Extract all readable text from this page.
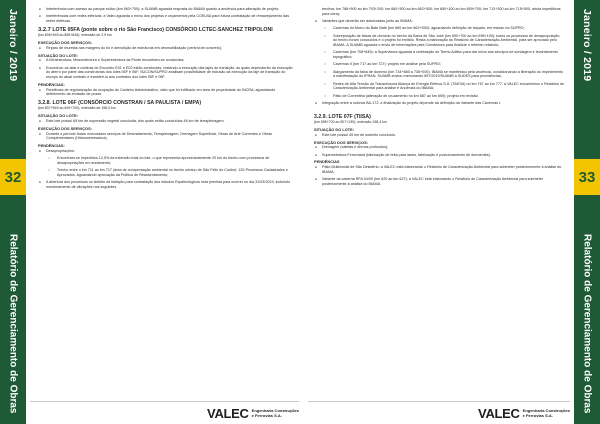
Janeiro / 2019
32
Relatório de Gerenciamento de Obras
Janeiro / 2019
33
Relatório de Gerenciamento de Obras
● Interferência com acesso ao parque eólico (km 963+700); a SUAMB aguarda resposta do IBAMA quanto à anuência para alteração de projeto;
● Interferências com redes elétricas: a Valec aguarda o envio dos projetos e orçamentos pela COELBA para futura contratação de remanejamento das redes elétricas.
3.2.7 LOTE 05FA (ponte sobre o rio São Francisco) CONSÓRCIO LCTEC-SANCHEZ TRIPOLONI
(km 806+545 ao 808+645); extensão de 2,9 km
EXECUÇÃO DOS SERVIÇOS:
● Reparo de muretas nas margens do rio e demolição de estruturas em desmobilização (central de concreto).
SITUAÇÃO DO LOTE:
● A Infraestrutura, Mesoestrutura e Superestrutura da Ponte encontram-se concluídas;
● Encontros: as alas e cortinas do Encontro E01 e E02 estão concluídas, restando a execução das lajes de transição, as quais dependerão da execução do aterro por parte das construtoras dos lotes 05F e 06F. SUCON/SUPRO analisam possibilidade de inclusão da execução da laje de transição do escopo do atual contrato e transferi-lo aos contratos dos lotes 05F e 06F.
PENDÊNCIAS:
● Pendência de regularização da ocupação do Canteiro Administrativo, visto que foi edificado em área de propriedade do INCRA: aguardando deferimento da emissão de posse.
3.2.8. LOTE 06F (CONSÓRCIO CONSTRAN / SA PAULISTA / EMPA)
(km 807+549 ao 649+700); extensão de 158,9 km
SITUAÇÃO DO LOTE:
● Este lote possui 65 km de supressão vegetal concluída, dos quais estão concluídos 46 km de terraplenagem.
EXECUÇÃO DOS SERVIÇOS:
● Durante o período foram executados serviços de Desmatamento, Terraplenagem, Drenagem Superficial, Obras de Arte Correntes e Obras Complementares (Hidrossemeadura).
PENDÊNCIAS:
● Desapropriações:
○ Encontram-se impedidos 12,5% da extensão total do lote, o que representa aproximadamente 20 km do trecho com processos de desapropriações em andamento;
○ Trecho entre o km 711 ao km 717 (área de compensação ambiental no trecho urbano de São Félix do Coribe): 152 Processos Cadastrados e Aprovados. Aguardando aprovação da Política de Reassentamento;
● A abertura dos processos no âmbito da licitação para contratação dos estudos Espeleológicos está prevista para ocorrer no dia 31/03/2019, incluindo monitoramento de vibrações nos seguintes
VALEC Engenharia Construções
e Ferrovias S.A.
trechos: km 786+900 ao km 793+200; km 660+300 ao km 662+500; km 650+100 ao km 659+700; km 713+300 ao km 715+500, ainda impeditivos para obra);
● Variantes que deverão ser autorizadas junto ao IBAMA:
○ Cavernas do Morro do Bate Bate (km 660 ao km 662+500): aguardando definição de traçado, em estudo na SUPRO;
○ Sobreposição de faixas de domínio no trecho da Barra de São José (km 690+700 ao km 698+100); todos os processos de desapropriação do trecho foram concluídos e o projeto foi emitido. Resta a elaboração do Relatório de Caracterização Ambiental, para ser aprovado pelo IBAMA. A SUAMB aguarda o envio de informações pela Construtora para finalizar o referido relatório;
○ Cavernas (km 708+849): a Supervisora aguarda a celebração de Termo Aditivo para dar início aos serviços de sondagem e levantamento topográfico;
○ Cavernas II (km 717 ao km 727): projeto em análise pela SUPRO;
○ Alargamento da faixa de domínio (km 734+680 a 736+000): IBAMA se manifestou pela anuência, condicionando a liberação do impedimento à manifestação do IPHAN. SUAMB enviou memorando 897/2019/SUAMB à SUDES para providências;
○ Redes de Alta Tensão da Transmissora Aliança de Energia Elétrica S.A. (TAESA) no km 767 ao km 777: a VALEC encaminhou o Relatório de Caracterização Ambiental para análise e Anuência do IBAMA;
○ Pátio de Correntina (alteração de cruzamento no km 687 ao km 690): projeto em revisão.
● Integração entre a rodovia BA-172: a finalização do projeto depende da definição da Variante das Cavernas I.
3.2.9. LOTE 07F (TIISA)
(km 585+700 ao 507+130); extensão 158,4 km
SITUAÇÃO DO LOTE:
● Este lote possui 45 km de subleito concluído.
EXECUÇÃO DOS SERVIÇOS:
● Drenagem (valetas e drenos profundos);
● Superestrutura Ferroviária (fabricação de brita para lastro, fabricação e posicionamento de dormentes).
PENDÊNCIAS
● Pátio Multimodal de São Desidério: a VALEC está elaborando o Relatório de Caracterização Ambiental para submeter posteriormente à análise do IBAMA;
● Variante da caverna RFA 04/05 (km 620 ao km 627): a VALEC está elaborando o Relatório de Caracterização Ambiental para submeter posteriormente à análise do IBAMA.
VALEC Engenharia Construções
e Ferrovias S.A.
